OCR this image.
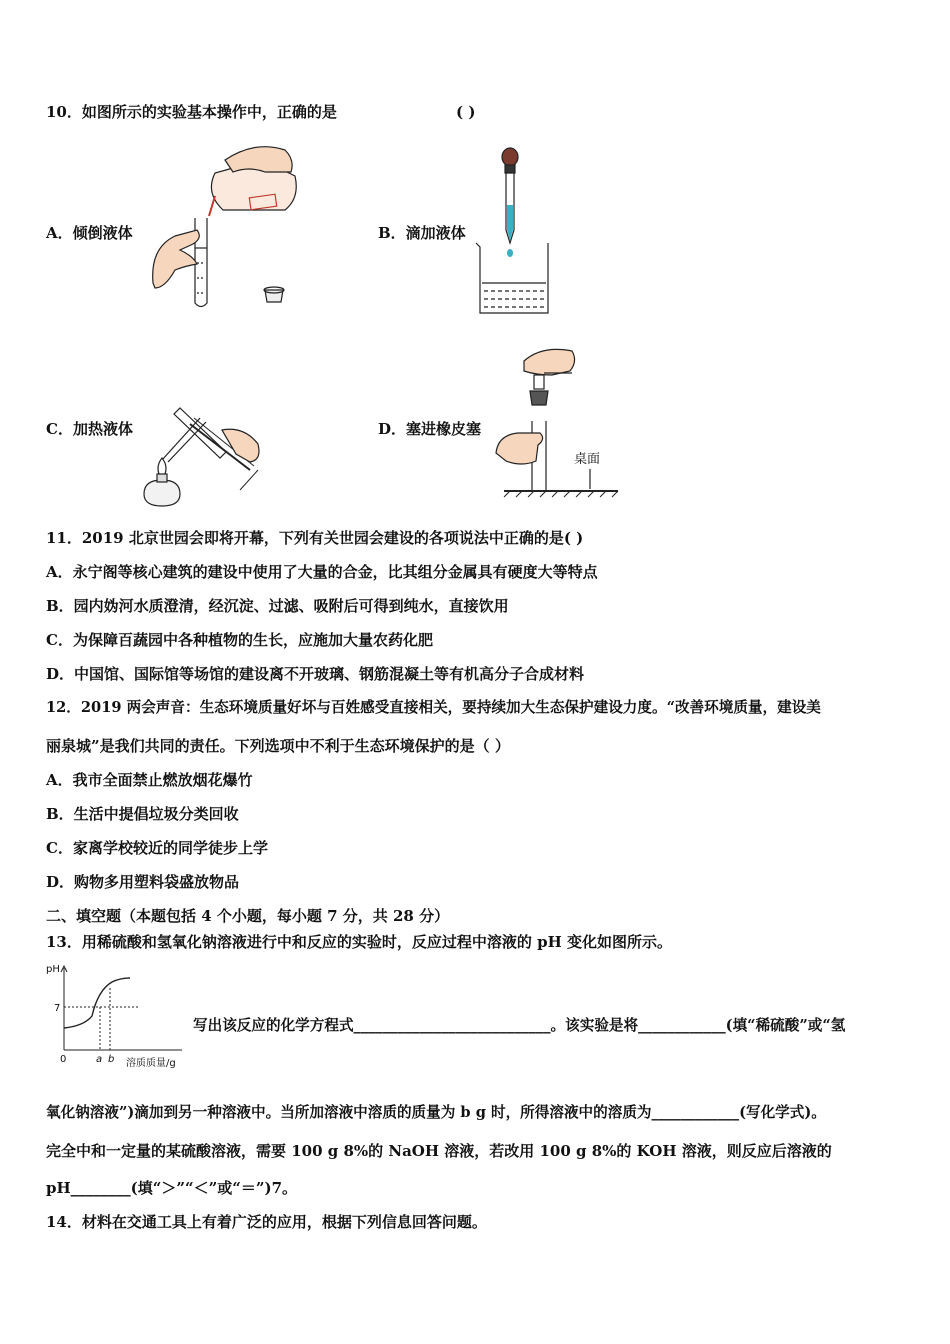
10．如图所示的实验基本操作中，正确的是	( )
A．倾倒液体	B．滴加液体
C．加热液体	D．塞进橡皮塞
桌面
11．2019 北京世园会即将开幕，下列有关世园会建设的各项说法中正确的是( )
A．永宁阁等核心建筑的建设中使用了大量的合金，比其组分金属具有硬度大等特点
B．园内妫河水质澄清，经沉淀、过滤、吸附后可得到纯水，直接饮用
C．为保障百蔬园中各种植物的生长，应施加大量农药化肥
D．中国馆、国际馆等场馆的建设离不开玻璃、钢筋混凝土等有机高分子合成材料
12．2019 两会声音：生态环境质量好坏与百姓感受直接相关，要持续加大生态保护建设力度。“改善环境质量，建设美
丽泉城”是我们共同的责任。下列选项中不利于生态环境保护的是（ ）
A．我市全面禁止燃放烟花爆竹
B．生活中提倡垃圾分类回收
C．家离学校较近的同学徒步上学
D．购物多用塑料袋盛放物品
二、填空题（本题包括 4 个小题，每小题 7 分，共 28 分）
13．用稀硫酸和氢氧化钠溶液进行中和反应的实验时，反应过程中溶液的 pH 变化如图所示。
pH
7
0	a b 溶质质量/g
写出该反应的化学方程式___________________________。该实验是将____________(填“稀硫酸”或“氢
氧化钠溶液”)滴加到另一种溶液中。当所加溶液中溶质的质量为 b g 时，所得溶液中的溶质为____________(写化学式)。
完全中和一定量的某硫酸溶液，需要 100 g 8%的 NaOH 溶液，若改用 100 g 8%的 KOH 溶液，则反应后溶液的
pH________(填“＞”“＜”或“＝”)7。
14．材料在交通工具上有着广泛的应用，根据下列信息回答问题。
